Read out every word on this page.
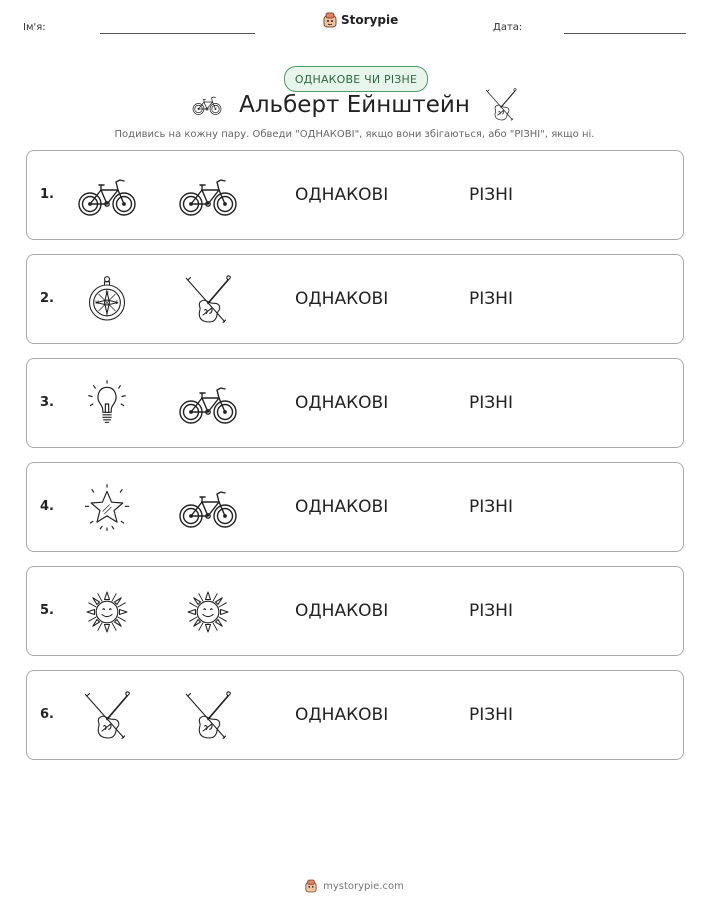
Ім'я:
Storypie
Дата:
ОДНАКОВЕ ЧИ РІЗНЕ
Альберт Ейнштейн
Подивись на кожну пару. Обведи "ОДНАКОВІ", якщо вони збігаються, або "РІЗНІ", якщо ні.
1.	ОДНАКОВІ	РІЗНІ
2.	ОДНАКОВІ	РІЗНІ
3.	ОДНАКОВІ	РІЗНІ
4.	ОДНАКОВІ	РІЗНІ
5.	ОДНАКОВІ	РІЗНІ
6.	ОДНАКОВІ	РІЗНІ
mystorypie.com
